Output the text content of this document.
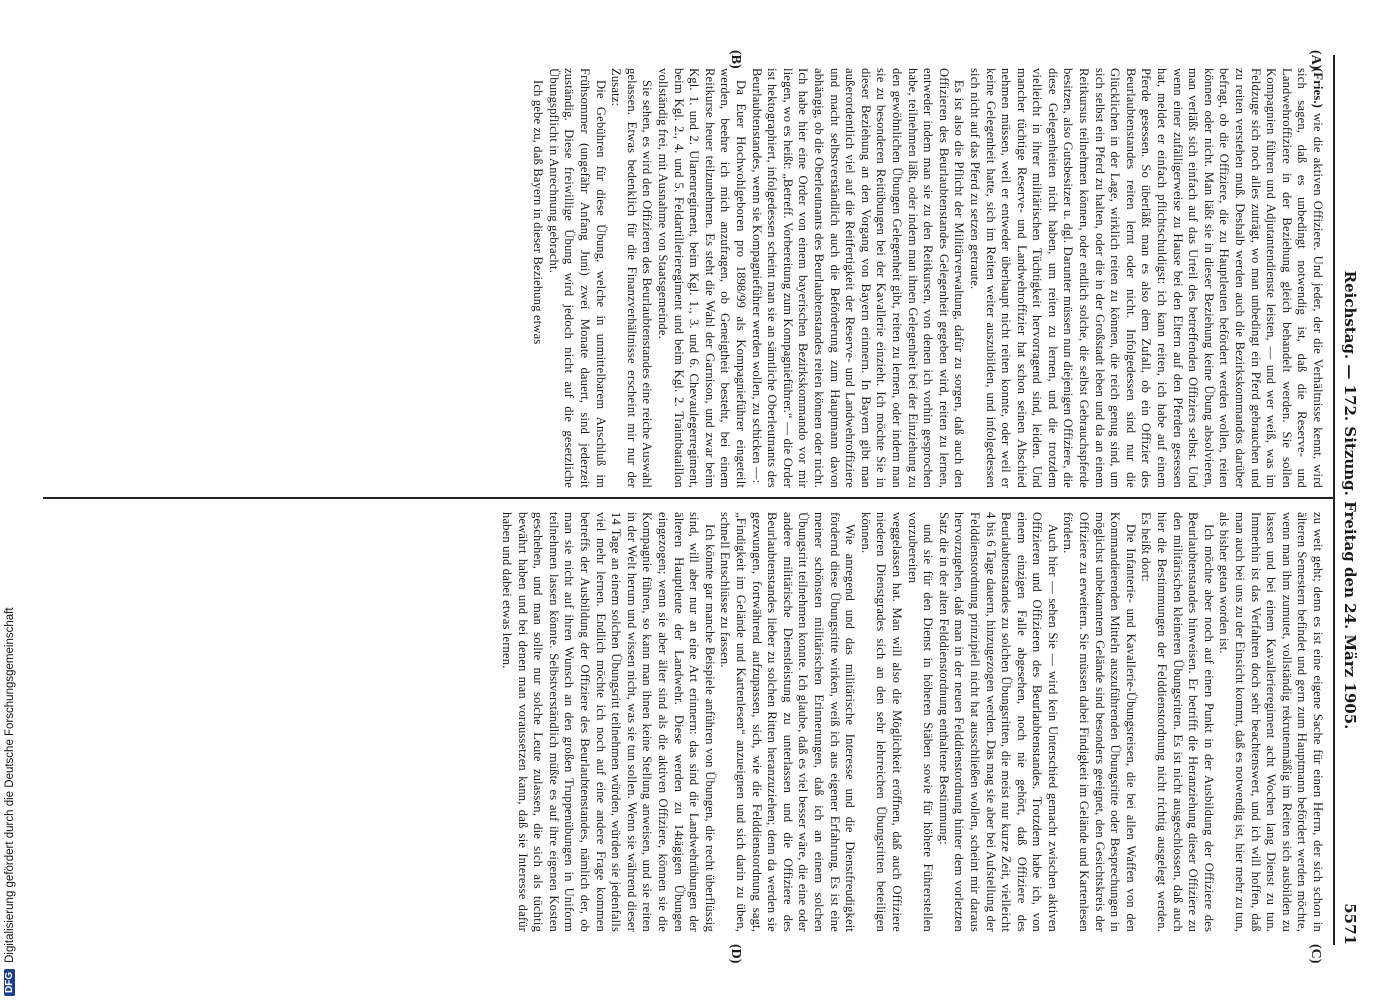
Reichstag. — 172. Sitzung. Freitag den 24. März 1905.
5571
(A)
(B)
(C)
(D)

(Fries.) wie die aktiven Offiziere. Und jeder, der die Verhältnisse kennt, wird sich sagen, daß es unbedingt notwendig ist, daß die Reserve- und Landwehroffiziere in der Beziehung gleich behandelt werden. Sie sollen Kompagnien führen und Adjutantendienste leisten, — und wer weiß, was im Feldzuge sich noch alles zuträgt, wo man unbedingt ein Pferd gebrauchen und zu reiten verstehen muß. Deshalb werden auch die Bezirkskommandos darüber befragt, ob die Offiziere, die zu Hauptleuten befördert werden wollen, reiten können oder nicht. Man läßt sie in dieser Beziehung keine Übung absolvieren, man verläßt sich einfach auf das Urteil des betreffenden Offiziers selbst. Und wenn einer zufälligerweise zu Hause bei den Eltern auf den Pferden gesessen hat, meldet er einfach pflichtschuldigst: ich kann reiten, ich habe auf einem Pferde gesessen. So überläßt man es also dem Zufall, ob ein Offizier des Beurlaubtenstandes reiten lernt oder nicht. Infolgedessen sind nur die Glücklichen in der Lage, wirklich reiten zu können, die reich genug sind, um sich selbst ein Pferd zu halten, oder die in der Großstadt leben und da an einem Reitkursus teilnehmen können, oder endlich solche, die selbst Gebrauchspferde besitzen, also Gutsbesitzer u. dgl. Darunter müssen nun diejenigen Offiziere, die diese Gelegenheiten nicht haben, um reiten zu lernen, und die trotzdem vielleicht in ihrer militärischen Tüchtigkeit hervorragend sind, leiden. Und mancher tüchtige Reserve- und Landwehroffizier hat schon seinen Abschied nehmen müssen, weil er entweder überhaupt nicht reiten konnte, oder weil er keine Gelegenheit hatte, sich im Reiten weiter auszubilden, und infolgedessen sich nicht auf das Pferd zu setzen getraute.

Es ist also die Pflicht der Militärverwaltung, dafür zu sorgen, daß auch den Offizieren des Beurlaubtenstandes Gelegenheit gegeben wird, reiten zu lernen, entweder indem man sie zu den Reitkursen, von denen ich vorhin gesprochen habe, teilnehmen läßt, oder indem man ihnen Gelegenheit bei der Einziehung zu den gewöhnlichen Übungen Gelegenheit gibt, reiten zu lernen, oder indem man sie zu besonderen Reitübungen bei der Kavallerie einzieht. Ich möchte Sie in dieser Beziehung an den Vorgang von Bayern erinnern. In Bayern gibt man außerordentlich viel auf die Reitfertigkeit der Reserve- und Landwehroffiziere und macht selbstverständlich auch die Beförderung zum Hauptmann davon abhängig, ob die Oberleutnants des Beurlaubtenstandes reiten können oder nicht. Ich habe hier eine Order von einem bayerischen Bezirkskommando vor mir liegen, wo es heißt: „Betreff. Vorbereitung zum Kompagnieführer.“ — die Order ist hektographiert, infolgedessen scheint man sie an sämtliche Oberleutnants des Beurlaubtenstandes, wenn sie Kompagnieführer werden wollen, zu schicken —:

Da Euer Hochwohlgeboren pro 1898/99 als Kompagnieführer eingeteilt werden, beehre ich mich anzufragen, ob Geneigtheit besteht, bei einem Reitkurse heuer teilzunehmen. Es steht die Wahl der Garnison, und zwar beim Kgl. 1. und 2. Ulanenregiment, beim Kgl. 1., 3. und 6. Chevaulegerregiment, beim Kgl. 2., 4. und 5. Feldartillerieregiment und beim Kgl. 2. Traintbataillon vollständig frei, mit Ausnahme von Staatsgemeinde.

Sie sehen, es wird den Offizieren des Beurlaubtenstandes eine reiche Auswahl gelassen. Etwas bedenklich für die Finanzverhältnisse erscheint mir nur der Zusatz:

Die Gebühren für diese Übung, welche in unmittelbarem Anschluß im Frühsommer (ungefähr Anfang Juni) zwei Monate dauert, sind jederzeit zuständig. Diese freiwillige Übung wird jedoch nicht auf die gesetzliche Übungspflicht in Anrechnung gebracht.

Ich gebe zu, daß Bayern in dieser Beziehung etwas

zu weit geht; denn es ist eine eigene Sache für einen Herrn, der sich schon in älteren Semestern befindet und gern zum Hauptmann befördert werden möchte, wenn man ihm zumutet, vollständig rekrutenmäßig im Reiten sich ausbilden zu lassen und bei einem Kavallerieregiment acht Wochen lang Dienst zu tun. Immerhin ist das Verfahren doch sehr beachtenswert, und ich will hoffen, daß man auch bei uns zu der Einsicht kommt, daß es notwendig ist, hier mehr zu tun, als bisher getan worden ist.

Ich möchte aber noch auf einen Punkt in der Ausbildung der Offiziere des Beurlaubtenstandes hinweisen. Er betrifft die Heranziehung dieser Offiziere zu den militärischen kleineren Übungsritten. Es ist nicht ausgeschlossen, daß auch hier die Bestimmungen der Felddienstordnung nicht richtig ausgelegt werden. Es heißt dort:

Die Infanterie- und Kavallerie-Übungsreisen, die bei allen Waffen von den Kommandierenden Mitteln auszuführenden Übungsritte oder Besprechungen in möglichst unbekanntem Gelände sind besonders geeignet, den Gesichtskreis der Offiziere zu erweitern. Sie müssen dabei Findigkeit im Gelände und Kartenlesen fördern.

Auch hier — sehen Sie — wird kein Unterschied gemacht zwischen aktiven Offizieren und Offizieren des Beurlaubtenstandes. Trotzdem habe ich, von einem einzigen Falle abgesehen, noch nie gehört, daß Offiziere des Beurlaubtenstandes zu solchen Übungsritten, die meist nur kurze Zeit, vielleicht 4 bis 6 Tage dauern, hinzugezogen werden. Das mag sie aber bei Aufstellung der Felddienstordnung prinzipiell nicht hat ausschließen wollen, scheint mir daraus hervorzugehen, daß man in der neuen Felddienstordnung hinter dem vorletzten Satz die in der alten Felddienstordnung enthaltene Bestimmung:

und sie für den Dienst in höheren Stäben sowie für höhere Führerstellen vorzubereiten

weggelassen hat. Man will also die Möglichkeit eröffnen, daß auch Offiziere niederen Dienstgrades sich an den sehr lehrreichen Übungsritten beteiligen können.

Wie anregend und das militärische Interesse und die Dienstfreudigkeit fördernd diese Übungsritte wirken, weiß ich aus eigener Erfahrung. Es ist eine meiner schönsten militärischen Erinnerungen, daß ich an einem solchen Übungsritt teilnehmen konnte. Ich glaube, daß es viel besser wäre, die eine oder andere militärische Dienstleistung zu unterlassen und die Offiziere des Beurlaubtenstandes lieber zu solchen Ritten heranzuziehen; denn da werden sie gezwungen, fortwährend aufzupassen, sich, wie die Felddienstordnung sagt, „Findigkeit im Gelände und Kartenlesen“ anzueignen und sich darin zu üben, schnell Entschlüsse zu fassen.

Ich könnte gar manche Beispiele anführen von Übungen, die recht überflüssig sind, will aber nur an eine Art erinnern: das sind die Landwehrübungen der älteren Hauptleute der Landwehr. Diese werden zu 14tägigen Übungen eingezogen; wenn sie aber älter sind als die aktiven Offiziere, können sie die Kompagnie führen, so kann man ihnen keine Stellung anweisen, und sie reiten in der Welt herum und wissen nicht, was sie tun sollen. Wenn sie während dieser 14 Tage an einem solchen Übungsritt teilnehmen würden, würden sie jedenfalls viel mehr lernen. Endlich möchte ich noch auf eine andere Frage kommen betreffs der Ausbildung der Offiziere des Beurlaubtenstandes, nämlich der, ob man sie nicht auf ihren Wunsch an den großen Truppenübungen in Uniform teilnehmen lassen könnte. Selbstverständlich müßte es auf ihre eigenen Kosten geschehen, und man sollte nur solche Leute zulassen, die sich als tüchtig bewährt haben und bei denen man voraussetzen kann, daß sie Interesse dafür haben und dabei etwas lernen.

DFGDigitalisierung gefördert durch die Deutsche Forschungsgemeinschaft
